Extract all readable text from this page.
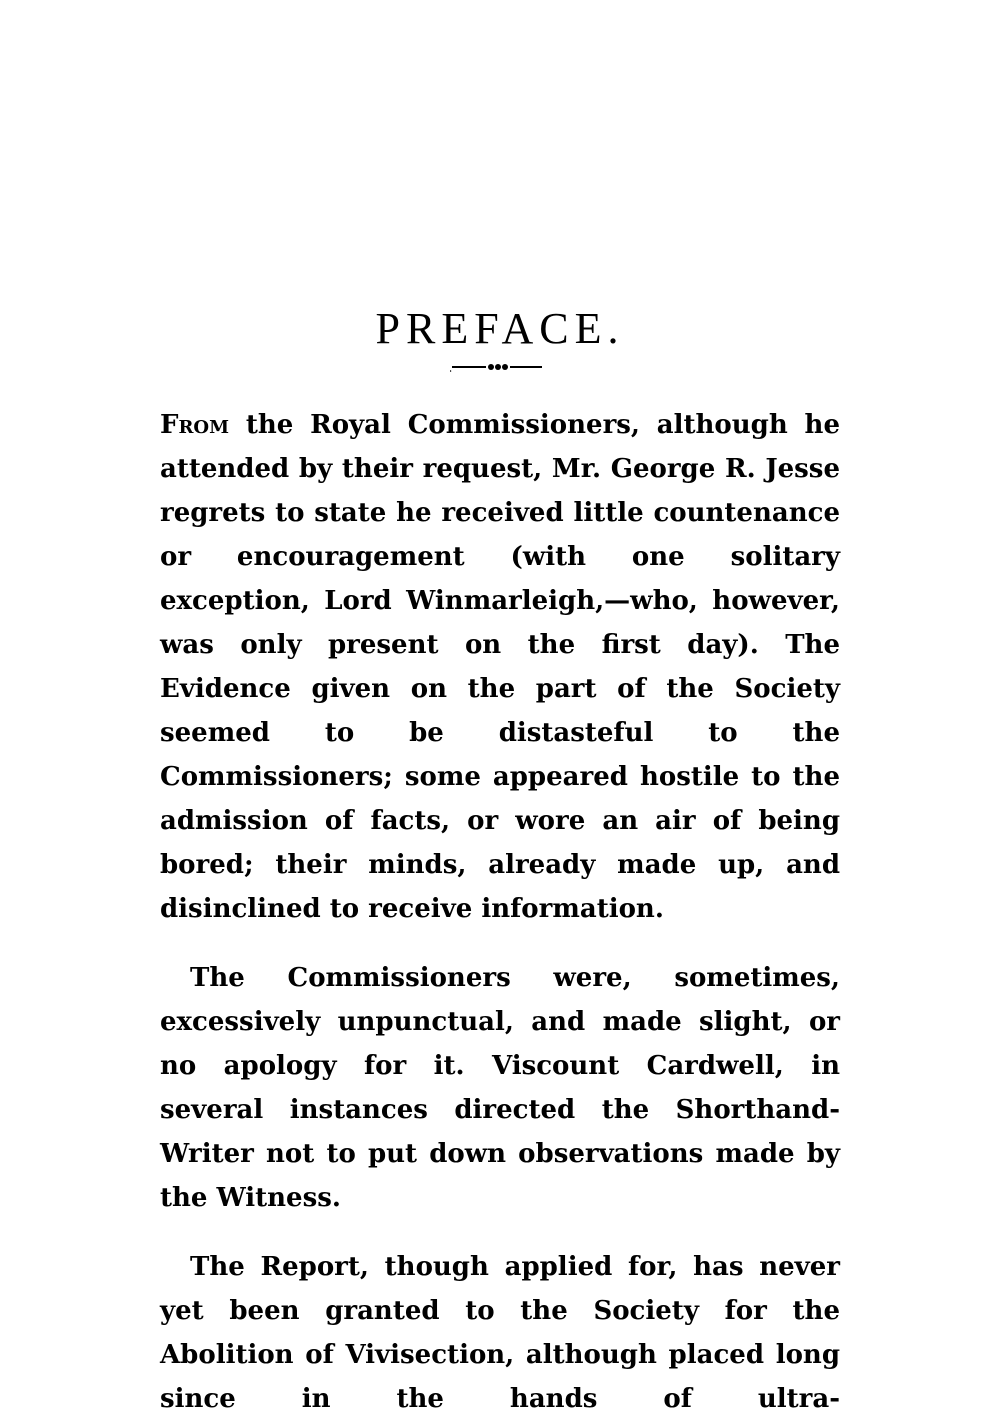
PREFACE.

From the Royal Commissioners, although he attended by their request, Mr. George R. Jesse regrets to state he received little countenance or encouragement (with one solitary exception, Lord Winmarleigh,—who, however, was only present on the first day). The Evidence given on the part of the Society seemed to be distasteful to the Commissioners; some appeared hostile to the admission of facts, or wore an air of being bored; their minds, already made up, and disinclined to receive information.

The Commissioners were, sometimes, excessively unpunctual, and made slight, or no apology for it. Viscount Cardwell, in several instances directed the Shorthand-Writer not to put down observations made by the Witness.

The Report, though applied for, has never yet been granted to the Society for the Abolition of Vivisection, although placed long since in the hands of ultra-
